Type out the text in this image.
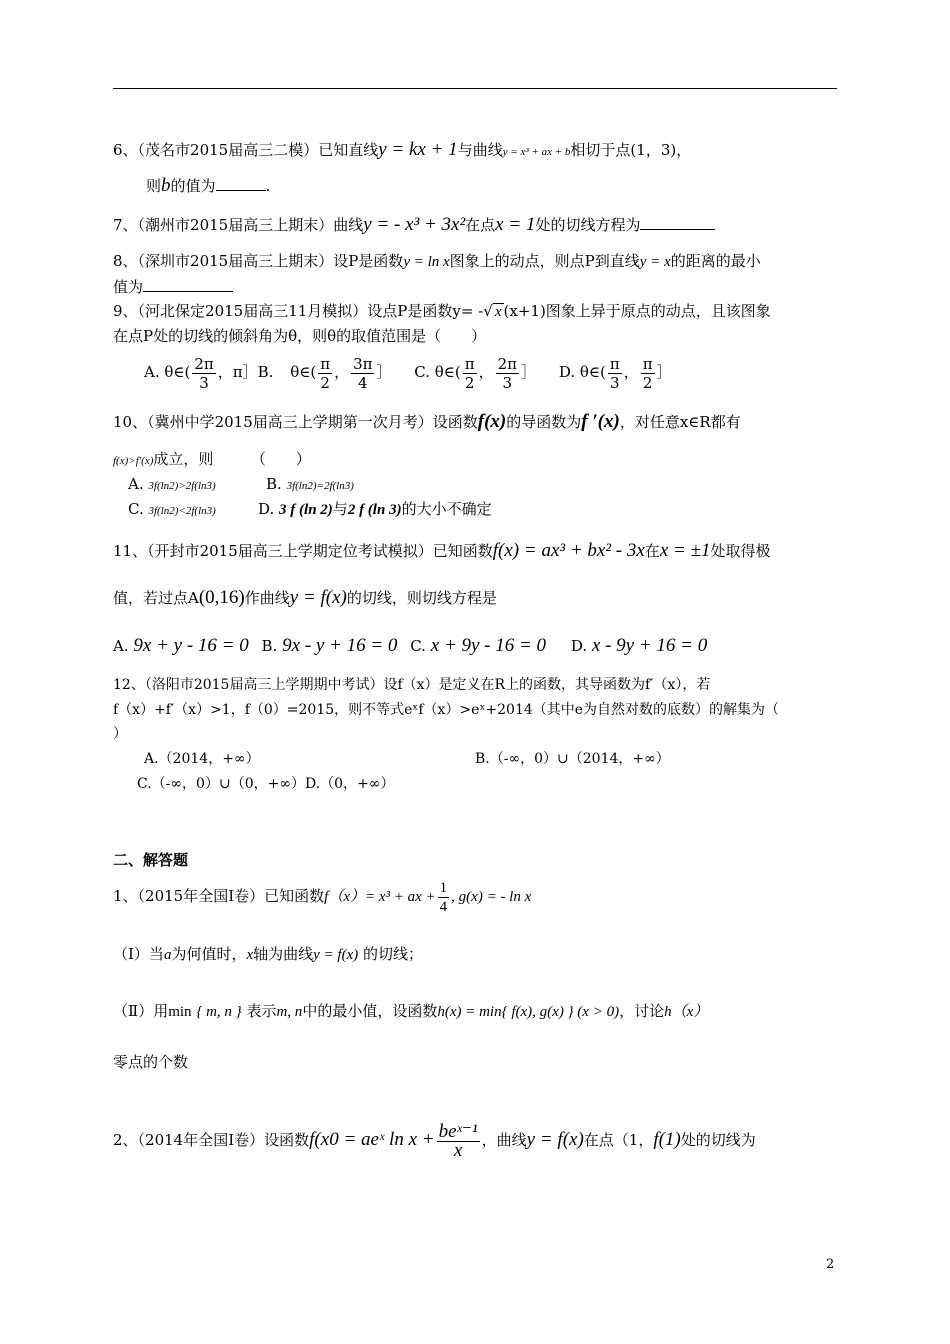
6、（茂名市2015届高三二模）已知直线y = kx + 1与曲线y = x³ + ax + b相切于点(1，3)，
则b的值为	.
7、（潮州市2015届高三上期末）曲线y = - x³ + 3x²在点x = 1处的切线方程为
8、（深圳市2015届高三上期末）设P是函数y = ln x图象上的动点，则点P到直线y = x的距离的最小
值为
9、（河北保定2015届高三11月模拟）设点P是函数y= -√ x (x+1)图象上异于原点的动点，且该图象
在点P处的切线的倾斜角为θ，则θ的取值范围是（　　）
A. θ∈( $\frac{2\pi}{3}$ ，π］B. θ∈( $\frac{\pi}{2}$ ， $\frac{3\pi}{4}$ ］ C. θ∈( $\frac{\pi}{2}$ ， $\frac{2\pi}{3}$ ］ D. θ∈( $\frac{\pi}{3}$ ， $\frac{\pi}{2}$ ］
10、（冀州中学2015届高三上学期第一次月考）设函数f(x)的导函数为f ′(x)，对任意x∈R都有
f(x)>f′(x)成立，则　　　（　　）
A. 3f(ln2)>2f(ln3)	B. 3f(ln2)=2f(ln3)
C. 3f(ln2)<2f(ln3)	D. 3 f (ln 2)与2 f (ln 3)的大小不确定
11、（开封市2015届高三上学期定位考试模拟）已知函数f(x) = ax³ + bx² - 3x在x = ±1处取得极
值，若过点A(0,16)作曲线y = f(x)的切线，则切线方程是
A. 9x + y - 16 = 0 B. 9x - y + 16 = 0 C. x + 9y - 16 = 0 D. x - 9y + 16 = 0
12、（洛阳市2015届高三上学期期中考试）设f（x）是定义在R上的函数，其导函数为f′（x），若
f（x）+f′（x）>1，f（0）=2015，则不等式eˣf（x）>eˣ+2014（其中e为自然对数的底数）的解集为（
）
A.（2014，+∞）	B.（-∞，0）∪（2014，+∞）
C.（-∞，0）∪（0，+∞）D.（0，+∞）
二、解答题
1、（2015年全国Ⅰ卷）已知函数f（x）= x³ + ax + $\frac{1}{4}$ , g(x) = - ln x
（Ⅰ）当a为何值时，x轴为曲线y = f(x) 的切线；
（Ⅱ）用min { m, n } 表示m, n中的最小值，设函数h(x) = min{ f(x), g(x) } (x > 0)，讨论h（x）
零点的个数
2、（2014年全国Ⅰ卷）设函数f(x0 = aeˣ $\ln x + \frac{\text{beˣ⁻¹}}{x}$ ，曲线y = f(x)在点（1，f(1)处的切线为
2
